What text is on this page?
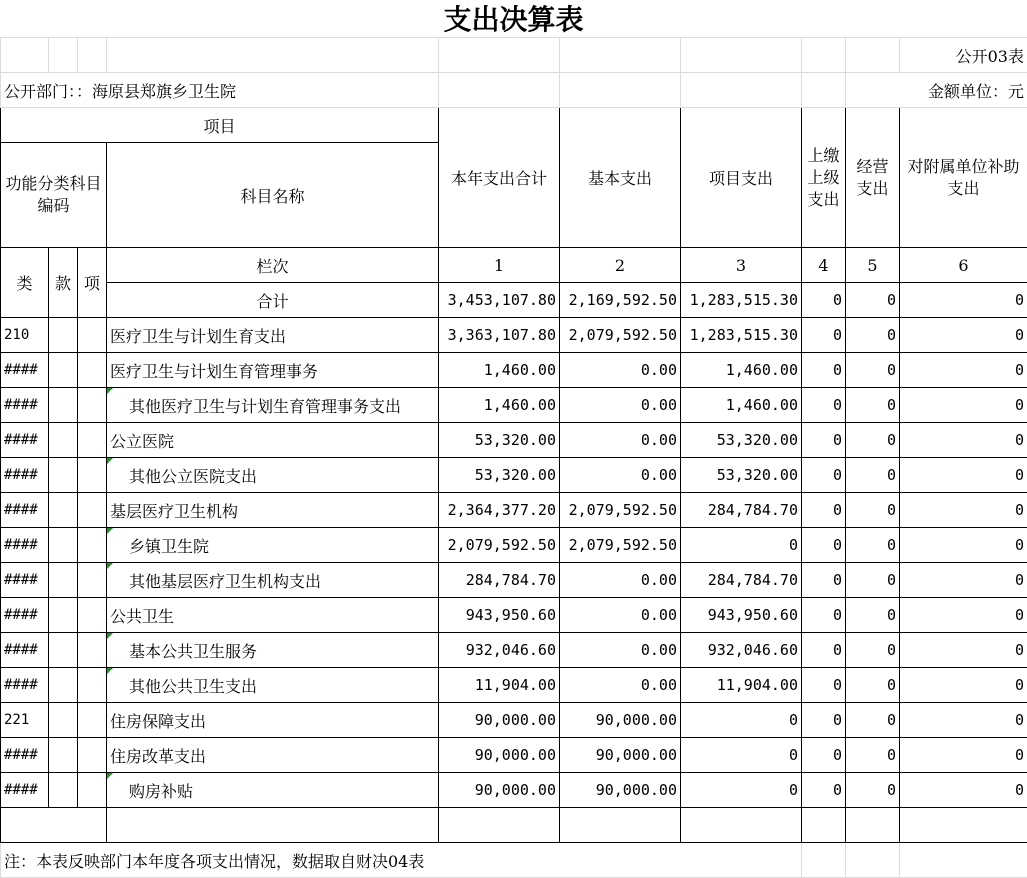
支出决算表
									公开03表
公开部门：：海原县郑旗乡卫生院								金额单位：元	
项目				本年支出合计	基本支出	项目支出	上缴上级支出	经营支出	对附属单位补助支出
功能分类科目编码			科目名称						
类	款	项	栏次	1	2	3	4	5	6
			合计	3,453,107.80	2,169,592.50	1,283,515.30	0	0	0
210			医疗卫生与计划生育支出	3,363,107.80	2,079,592.50	1,283,515.30	0	0	0
####			医疗卫生与计划生育管理事务	1,460.00	0.00	1,460.00	0	0	0
####			其他医疗卫生与计划生育管理事务支出	1,460.00	0.00	1,460.00	0	0	0
####			公立医院	53,320.00	0.00	53,320.00	0	0	0
####			其他公立医院支出	53,320.00	0.00	53,320.00	0	0	0
####			基层医疗卫生机构	2,364,377.20	2,079,592.50	284,784.70	0	0	0
####			乡镇卫生院	2,079,592.50	2,079,592.50	0	0	0	0
####			其他基层医疗卫生机构支出	284,784.70	0.00	284,784.70	0	0	0
####			公共卫生	943,950.60	0.00	943,950.60	0	0	0
####			基本公共卫生服务	932,046.60	0.00	932,046.60	0	0	0
####			其他公共卫生支出	11,904.00	0.00	11,904.00	0	0	0
221			住房保障支出	90,000.00	90,000.00	0	0	0	0
####			住房改革支出	90,000.00	90,000.00	0	0	0	0
####			购房补贴	90,000.00	90,000.00	0	0	0	0

注：本表反映部门本年度各项支出情况，数据取自财决04表									
